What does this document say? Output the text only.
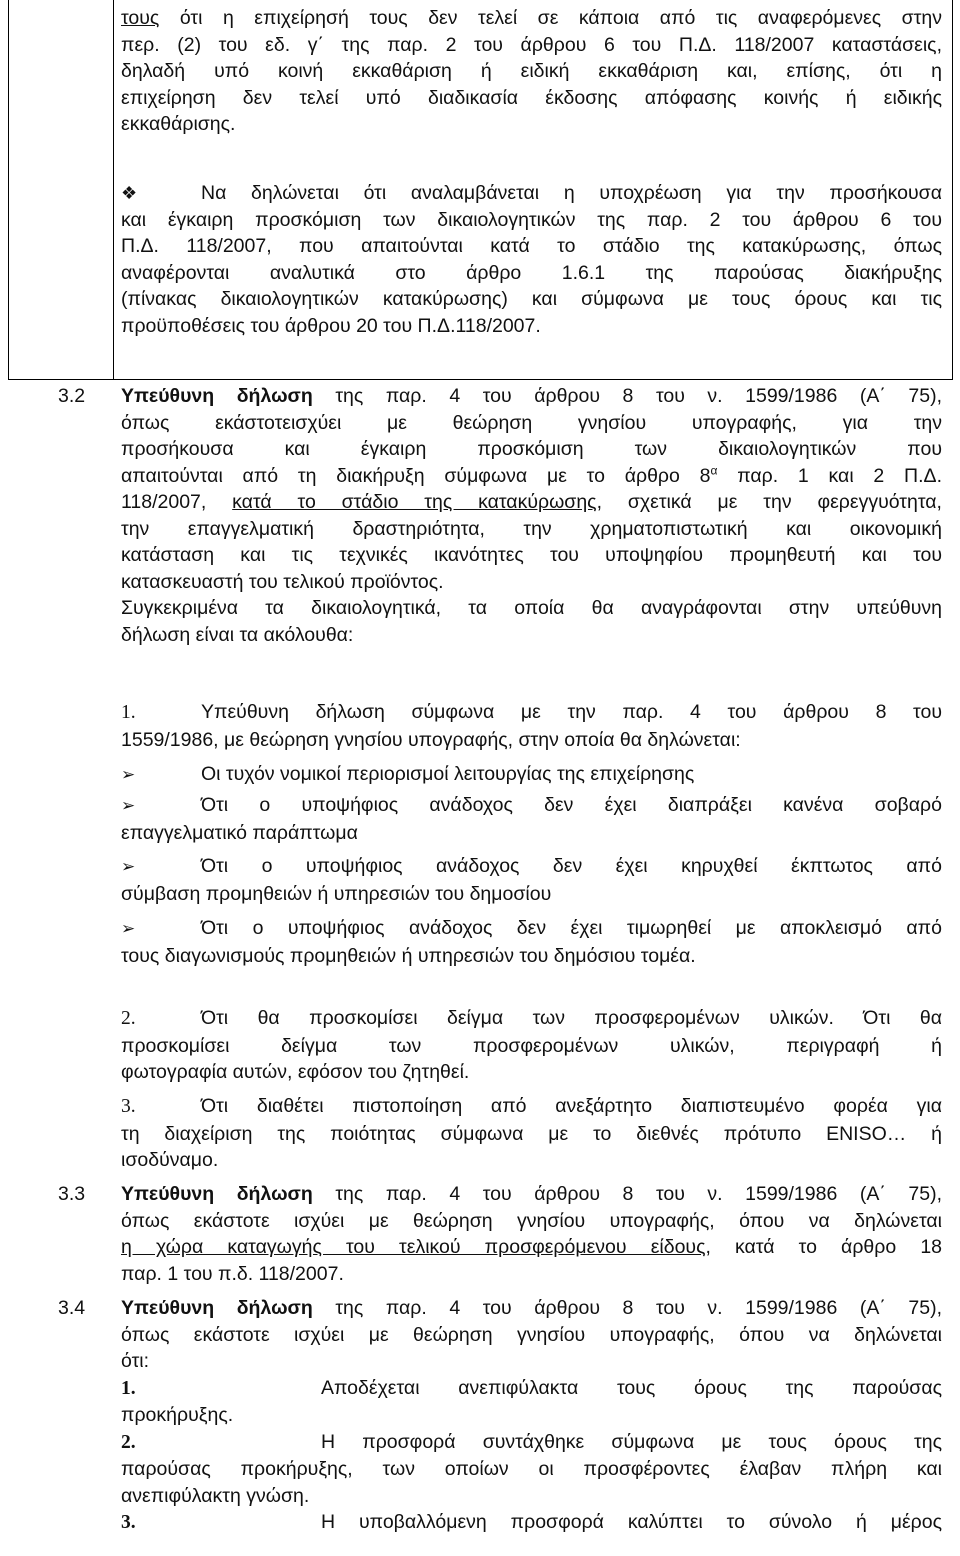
τους ότι η επιχείρησή τους δεν τελεί σε κάποια από τις αναφερόμενες στην

περ. (2) του εδ. γ΄ της παρ. 2 του άρθρου 6 του Π.Δ. 118/2007 καταστάσεις,

δηλαδή υπό κοινή εκκαθάριση ή ειδική εκκαθάριση και, επίσης, ότι η

επιχείρηση δεν τελεί υπό διαδικασία έκδοσης απόφασης κοινής ή ειδικής

εκκαθάρισης.

❖	Να δηλώνεται ότι αναλαμβάνεται η υποχρέωση για την προσήκουσα

και έγκαιρη προσκόμιση των δικαιολογητικών της παρ. 2 του άρθρου 6 του

Π.Δ. 118/2007, που απαιτούνται κατά το στάδιο της κατακύρωσης, όπως

αναφέρονται αναλυτικά στο άρθρο 1.6.1 της παρούσας διακήρυξης

(πίνακας δικαιολογητικών κατακύρωσης) και σύμφωνα με τους όρους και τις

προϋποθέσεις του άρθρου 20 του Π.Δ.118/2007.

3.2	Υπεύθυνη δήλωση της παρ. 4 του άρθρου 8 του ν. 1599/1986 (Α΄ 75),

όπως εκάστοτεισχύει με θεώρηση γνησίου υπογραφής, για την

προσήκουσα και έγκαιρη προσκόμιση των δικαιολογητικών που

απαιτούνται από τη διακήρυξη σύμφωνα με το άρθρο $8^\alpha$ παρ. 1 και 2 Π.Δ.

118/2007, κατά το στάδιο της κατακύρωσης, σχετικά με την φερεγγυότητα,

την επαγγελματική δραστηριότητα, την χρηματοπιστωτική και οικονομική

κατάσταση και τις τεχνικές ικανότητες του υποψηφίου προμηθευτή και του

κατασκευαστή του τελικού προϊόντος.

Συγκεκριμένα τα δικαιολογητικά, τα οποία θα αναγράφονται στην υπεύθυνη

δήλωση είναι τα ακόλουθα:

1.	Υπεύθυνη δήλωση σύμφωνα με την παρ. 4 του άρθρου 8 του

1559/1986, με θεώρηση γνησίου υπογραφής, στην οποία θα δηλώνεται:

➢	Οι τυχόν νομικοί περιορισμοί λειτουργίας της επιχείρησης

➢	Ότι ο υποψήφιος ανάδοχος δεν έχει διαπράξει κανένα σοβαρό

επαγγελματικό παράπτωμα

➢	Ότι ο υποψήφιος ανάδοχος δεν έχει κηρυχθεί έκπτωτος από

σύμβαση προμηθειών ή υπηρεσιών του δημοσίου

➢	Ότι ο υποψήφιος ανάδοχος δεν έχει τιμωρηθεί με αποκλεισμό από

τους διαγωνισμούς προμηθειών ή υπηρεσιών του δημόσιου τομέα.

2.	Ότι θα προσκομίσει δείγμα των προσφερομένων υλικών. Ότι θα

προσκομίσει δείγμα των προσφερομένων υλικών, περιγραφή ή

φωτογραφία αυτών, εφόσον του ζητηθεί.

3.	Ότι διαθέτει πιστοποίηση από ανεξάρτητο διαπιστευμένο φορέα για

τη διαχείριση της ποιότητας σύμφωνα με το διεθνές πρότυπο ENISO… ή

ισοδύναμο.

3.3	Υπεύθυνη δήλωση της παρ. 4 του άρθρου 8 του ν. 1599/1986 (Α΄ 75),

όπως εκάστοτε ισχύει με θεώρηση γνησίου υπογραφής, όπου να δηλώνεται

η χώρα καταγωγής του τελικού προσφερόμενου είδους, κατά το άρθρο 18

παρ. 1 του π.δ. 118/2007.

3.4	Υπεύθυνη δήλωση της παρ. 4 του άρθρου 8 του ν. 1599/1986 (Α΄ 75),

όπως εκάστοτε ισχύει με θεώρηση γνησίου υπογραφής, όπου να δηλώνεται

ότι:

1.	Αποδέχεται ανεπιφύλακτα τους όρους της παρούσας

προκήρυξης.

2.	Η προσφορά συντάχθηκε σύμφωνα με τους όρους της

παρούσας προκήρυξης, των οποίων οι προσφέροντες έλαβαν πλήρη και

ανεπιφύλακτη γνώση.

3.	Η υποβαλλόμενη προσφορά καλύπτει το σύνολο ή μέρος
